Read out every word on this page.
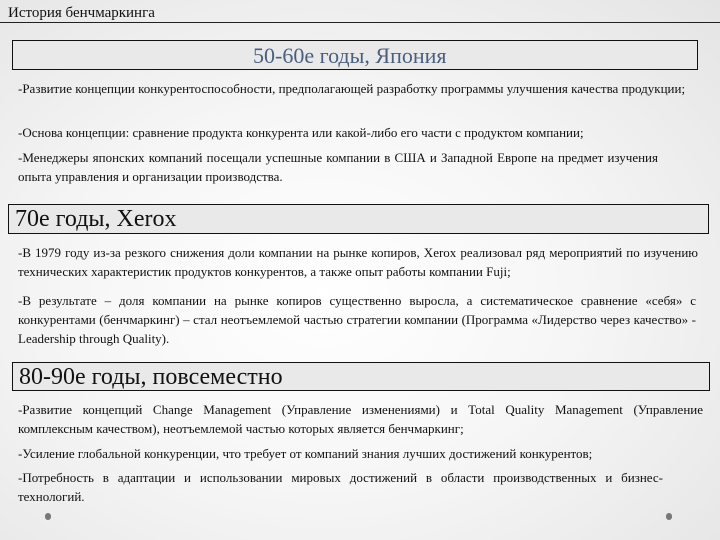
История бенчмаркинга
50-60е годы, Япония
-Развитие концепции конкурентоспособности, предполагающей разработку программы улучшения качества продукции;
-Основа концепции: сравнение продукта конкурента или какой-либо его части с продуктом компании;
-Менеджеры японских компаний посещали успешные компании в США и Западной Европе на предмет изучения опыта управления и организации производства.
70е годы, Xerox
-В 1979 году из-за резкого снижения доли компании на рынке копиров, Xerox реализовал ряд мероприятий по изучению технических характеристик продуктов конкурентов, а также опыт работы компании Fuji;
-В результате – доля компании на рынке копиров существенно выросла, а систематическое сравнение «себя» с конкурентами (бенчмаркинг) – стал неотъемлемой частью стратегии компании (Программа «Лидерство через качество» - Leadership through Quality).
80-90е годы, повсеместно
-Развитие концепций Change Management (Управление изменениями) и Total Quality Management (Управление комплексным качеством), неотъемлемой частью которых является бенчмаркинг;
-Усиление глобальной конкуренции, что требует от компаний знания лучших достижений конкурентов;
-Потребность в адаптации и использовании мировых достижений в области производственных и бизнес-технологий.
